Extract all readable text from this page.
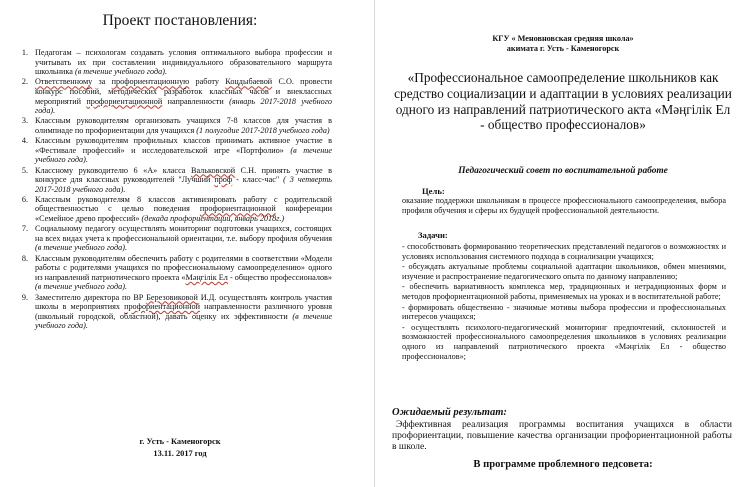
Проект постановления:
1. Педагогам – психологам создавать условия оптимального выбора профессии и учитывать их при составлении индивидуального образовательного маршрута школьника (в течение учебного года).
2. Ответственному за профориентационную работу Коцдыбаевой С.О. провести конкурс пособий, методических разработок классных часов и внеклассных мероприятий профориентационной направленности (январь 2017-2018 учебного года).
3. Классным руководителям организовать учащихся 7-8 классов для участия в олимпиаде по профориентации для учащихся (1 полугодие 2017-2018 учебного года)
4. Классным руководителям профильных классов принимать активное участие в «Фестивале профессий» и исследовательской игре «Портфолио» (в течение учебного года).
5. Классному руководителю 6 «А» класса Вальковской С.Н. принять участие в конкурсе для классных руководителей "Лучший проф - класс-час" ( 3 четверть 2017-2018 учебного года).
6. Классным руководителям 8 классов активизировать работу с родительской общественностью с целью поведения профориентационной конференции «Семейное древо профессий» (декада профориентации, январь 2018г.)
7. Социальному педагогу осуществлять мониторинг подготовки учащихся, состоящих на всех видах учета к профессиональной ориентации, т.е. выбору профиля обучения (в течение учебного года).
8. Классным руководителям обеспечить работу с родителями в соответствии «Модели работы с родителями учащихся по профессиональному самоопределению» одного из направлений патриотического проекта «Мәңгілік Ел - общество профессионалов» (в течение учебного года).
9. Заместителю директора по ВР Березовиковой И.Д. осуществлять контроль участия школы в мероприятиях профориентационной направленности различного уровня (школьный городской, областной), давать оценку их эффективности (в течение учебного года).
г. Усть - Каменогорск
13.11. 2017 год
КГУ « Меновновская средняя школа»
акимата г. Усть - Каменогорск
«Профессиональное самоопределение школьников как средство социализации и адаптации в условиях реализации одного из направлений патриотического акта «Мәңгілік Ел - общество профессионалов»
Педагогический совет по воспитательной работе
Цель:
оказание поддержки школьникам в процессе профессионального самоопределения, выбора профиля обучения и сферы их будущей профессиональной деятельности.
Задачи:
- способствовать формированию теоретических представлений педагогов о возможностях и условиях использования системного подхода в социализации учащихся;
- обсуждать актуальные проблемы социальной адаптации школьников, обмен мнениями, изучение и распространение педагогического опыта по данному направлению;
- обеспечить вариативность комплекса мер, традиционных и нетрадиционных форм и методов профориентационной работы, применяемых на уроках и в воспитательной работе;
- формировать общественно - значимые мотивы выбора профессии и профессиональных интересов учащихся;
- осуществлять психолого-педагогический мониторинг предпочтений, склонностей и возможностей профессионального самоопределения школьников в условиях реализации одного из направлений патриотического проекта «Мәңгілік Ел - общество профессионалов»;
Ожидаемый результат:
Эффективная реализация программы воспитания учащихся в области профориентации, повышение качества организации профориентационной работы в школе.
В программе проблемного педсовета:
